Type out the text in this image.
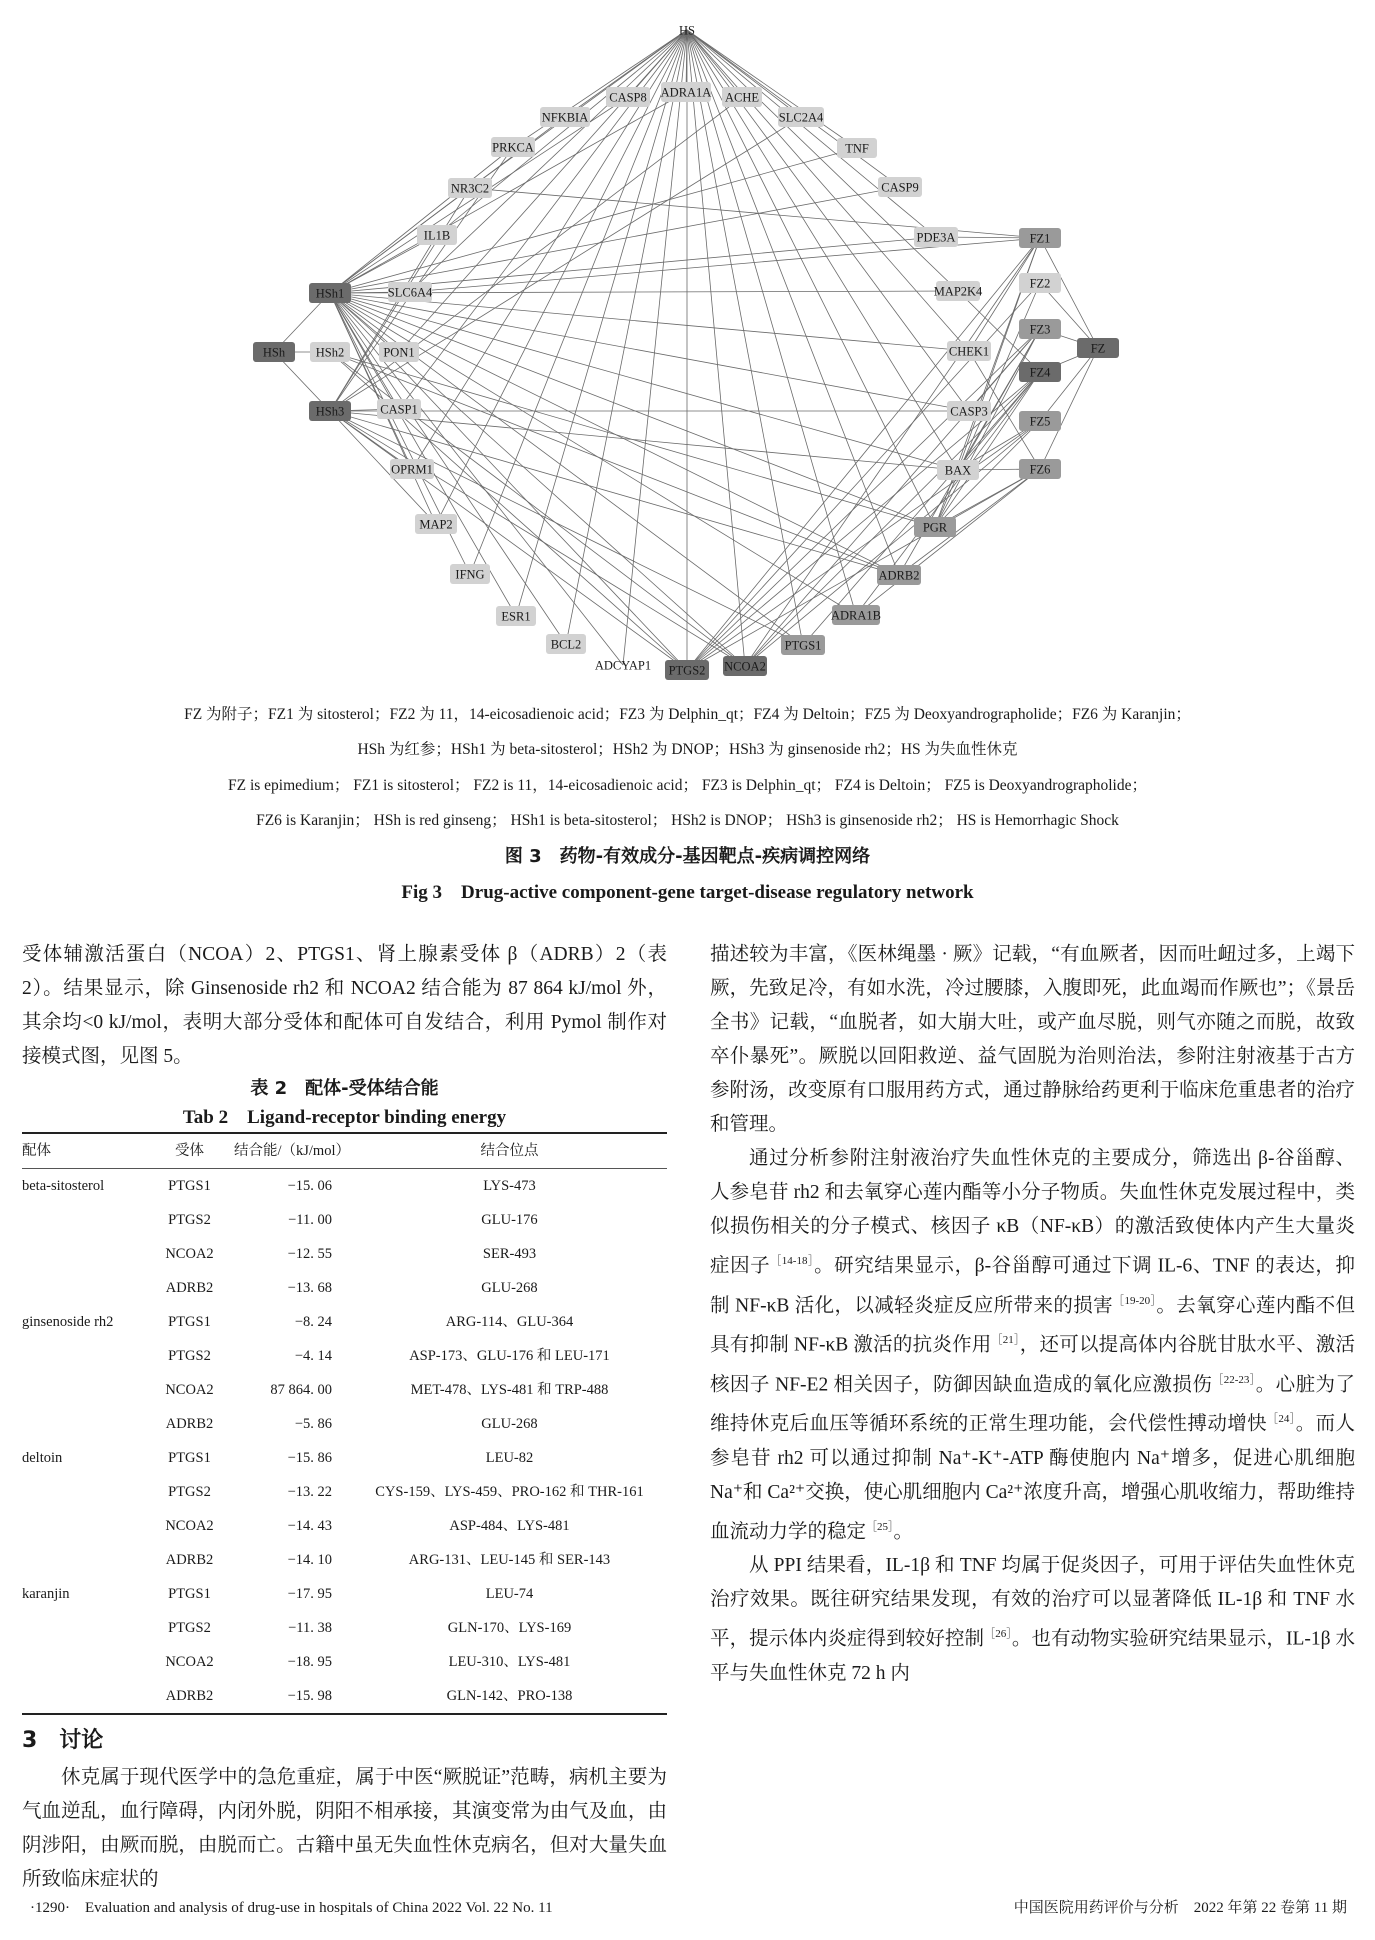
HS
CASP8 ADRA1A ACHE
NFKBIA	SLC2A4
PRKCA	TNF
NR3C2	CASP9
IL1B	PDE3A	FZ1
HSh1	SLC6A4
FZ2
MAP2K4
FZ3
FZ
HSh HSh2	PON1	CHEK1
FZ4
HSh3	CASP1	CASP3
FZ5
OPRM1	BAX	FZ6
MAP2	PGR
IFNG	ADRB2
ESR1	ADRA1B
BCL2	PTGS1
ADCYAP1 PTGS2 NCOA2
FZ 为附子；FZ1 为 sitosterol；FZ2 为 11，14-eicosadienoic acid；FZ3 为 Delphin_qt；FZ4 为 Deltoin；FZ5 为 Deoxyandrographolide；FZ6 为 Karanjin；
HSh 为红参；HSh1 为 beta-sitosterol；HSh2 为 DNOP；HSh3 为 ginsenoside rh2；HS 为失血性休克
FZ is epimedium； FZ1 is sitosterol； FZ2 is 11，14-eicosadienoic acid； FZ3 is Delphin_qt； FZ4 is Deltoin； FZ5 is Deoxyandrographolide；
FZ6 is Karanjin； HSh is red ginseng； HSh1 is beta-sitosterol； HSh2 is DNOP； HSh3 is ginsenoside rh2； HS is Hemorrhagic Shock
图 3　药物-有效成分-基因靶点-疾病调控网络
Fig 3　Drug-active component-gene target-disease regulatory network

受体辅激活蛋白（NCOA）2、PTGS1、肾上腺素受体 β（ADRB）2（表 2）。结果显示，除 Ginsenoside rh2 和 NCOA2 结合能为 87 864 kJ/mol 外，其余均<0 kJ/mol，表明大部分受体和配体可自发结合，利用 Pymol 制作对接模式图，见图 5。

表 2　配体-受体结合能
Tab 2　Ligand-receptor binding energy
配体	受体	结合能/（kJ/mol）	结合位点
beta-sitosterol	PTGS1	−15. 06	LYS-473
	PTGS2	−11. 00	GLU-176
	NCOA2	−12. 55	SER-493
	ADRB2	−13. 68	GLU-268
ginsenoside rh2	PTGS1	−8. 24	ARG-114、GLU-364
	PTGS2	−4. 14	ASP-173、GLU-176 和 LEU-171
	NCOA2	87 864. 00	MET-478、LYS-481 和 TRP-488
	ADRB2	−5. 86	GLU-268
deltoin	PTGS1	−15. 86	LEU-82
	PTGS2	−13. 22	CYS-159、LYS-459、PRO-162 和 THR-161
	NCOA2	−14. 43	ASP-484、LYS-481
	ADRB2	−14. 10	ARG-131、LEU-145 和 SER-143
karanjin	PTGS1	−17. 95	LEU-74
	PTGS2	−11. 38	GLN-170、LYS-169
	NCOA2	−18. 95	LEU-310、LYS-481
	ADRB2	−15. 98	GLN-142、PRO-138
3　讨论

休克属于现代医学中的急危重症，属于中医“厥脱证”范畴，病机主要为气血逆乱，血行障碍，内闭外脱，阴阳不相承接，其演变常为由气及血，由阴涉阳，由厥而脱，由脱而亡。古籍中虽无失血性休克病名，但对大量失血所致临床症状的

描述较为丰富，《医林绳墨 · 厥》记载，“有血厥者，因而吐衄过多，上竭下厥，先致足冷，有如水洗，冷过腰膝，入腹即死，此血竭而作厥也”；《景岳全书》记载，“血脱者，如大崩大吐，或产血尽脱，则气亦随之而脱，故致卒仆暴死”。厥脱以回阳救逆、益气固脱为治则治法，参附注射液基于古方参附汤，改变原有口服用药方式，通过静脉给药更利于临床危重患者的治疗和管理。

通过分析参附注射液治疗失血性休克的主要成分，筛选出 β-谷甾醇、人参皂苷 rh2 和去氧穿心莲内酯等小分子物质。失血性休克发展过程中，类似损伤相关的分子模式、核因子 κB（NF-κB）的激活致使体内产生大量炎症因子$^{[14-18]}$。研究结果显示，β-谷甾醇可通过下调 IL-6、TNF 的表达，抑制 NF-κB 活化，以减轻炎症反应所带来的损害$^{[19-20]}$。去氧穿心莲内酯不但具有抑制 NF-κB 激活的抗炎作用$^{[21]}$，还可以提高体内谷胱甘肽水平、激活核因子 NF-E2 相关因子，防御因缺血造成的氧化应激损伤$^{[22-23]}$。心脏为了维持休克后血压等循环系统的正常生理功能，会代偿性搏动增快$^{[24]}$。而人参皂苷 rh2 可以通过抑制 Na⁺-K⁺-ATP 酶使胞内 Na⁺增多，促进心肌细胞 Na⁺和 Ca²⁺交换，使心肌细胞内 Ca²⁺浓度升高，增强心肌收缩力，帮助维持血流动力学的稳定$^{[25]}$。

从 PPI 结果看，IL-1β 和 TNF 均属于促炎因子，可用于评估失血性休克治疗效果。既往研究结果发现，有效的治疗可以显著降低 IL-1β 和 TNF 水平，提示体内炎症得到较好控制$^{[26]}$。也有动物实验研究结果显示，IL-1β 水平与失血性休克 72 h 内

·1290·　Evaluation and analysis of drug-use in hospitals of China 2022 Vol. 22 No. 11	中国医院用药评价与分析　2022 年第 22 卷第 11 期
